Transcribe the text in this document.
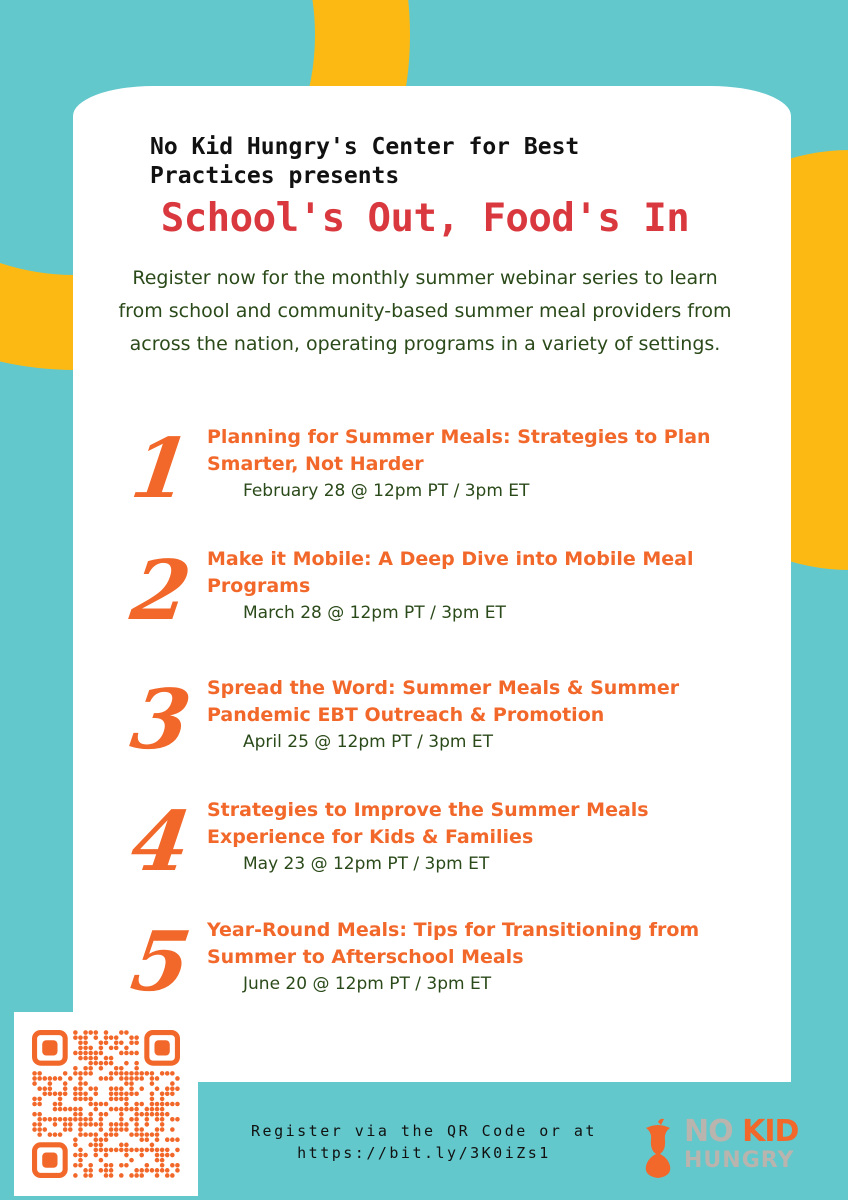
No Kid Hungry's Center for Best Practices presents

School's Out, Food's In

Register now for the monthly summer webinar series to learn from school and community-based summer meal providers from across the nation, operating programs in a variety of settings.

1 Planning for Summer Meals: Strategies to Plan Smarter, Not Harder
February 28 @ 12pm PT / 3pm ET
2 Make it Mobile: A Deep Dive into Mobile Meal Programs
March 28 @ 12pm PT / 3pm ET
3 Spread the Word: Summer Meals & Summer Pandemic EBT Outreach & Promotion
April 25 @ 12pm PT / 3pm ET
4 Strategies to Improve the Summer Meals Experience for Kids & Families
May 23 @ 12pm PT / 3pm ET
5 Year-Round Meals: Tips for Transitioning from Summer to Afterschool Meals
June 20 @ 12pm PT / 3pm ET

Register via the QR Code or at
https://bit.ly/3K0iZs1

NO KID
HUNGRY
